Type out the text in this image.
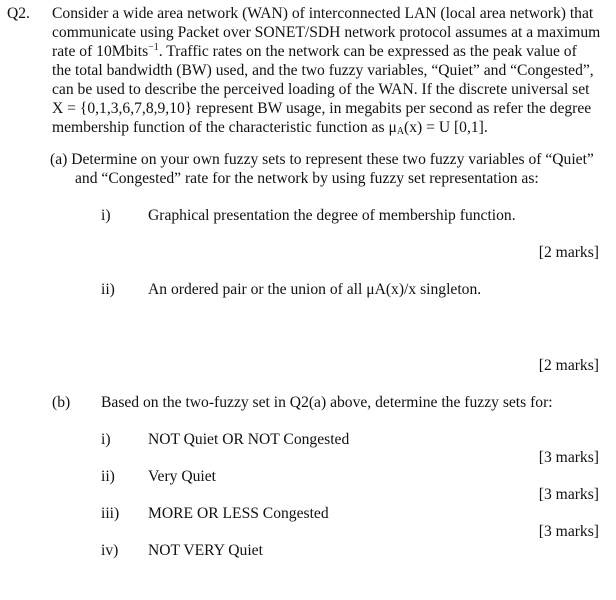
Q2. Consider a wide area network (WAN) of interconnected LAN (local area network) that
communicate using Packet over SONET/SDH network protocol assumes at a maximum
rate of 10Mbits$^{-1}$. Traffic rates on the network can be expressed as the peak value of
the total bandwidth (BW) used, and the two fuzzy variables, “Quiet” and “Congested”,
can be used to describe the perceived loading of the WAN. If the discrete universal set
X = {0,1,3,6,7,8,9,10} represent BW usage, in megabits per second as refer the degree
membership function of the characteristic function as $\mu_A(x) = U$ [0,1].
(a) Determine on your own fuzzy sets to represent these two fuzzy variables of “Quiet”
and “Congested” rate for the network by using fuzzy set representation as:
i) Graphical presentation the degree of membership function.
[2 marks]
ii) An ordered pair or the union of all μA(x)/x singleton.
[2 marks]
(b) Based on the two-fuzzy set in Q2(a) above, determine the fuzzy sets for:
i) NOT Quiet OR NOT Congested
[3 marks]
ii) Very Quiet
[3 marks]
iii) MORE OR LESS Congested
[3 marks]
iv) NOT VERY Quiet
